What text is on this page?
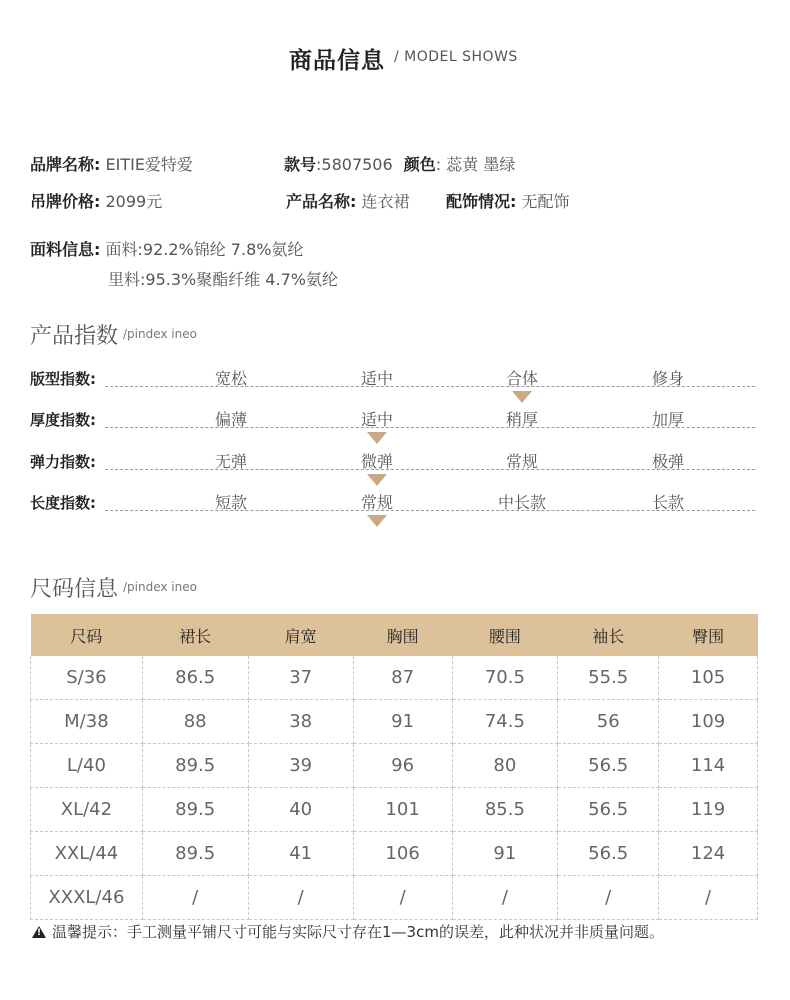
商品信息 / MODEL SHOWS
品牌名称: EITIE爱特爱	款号:5807506 颜色: 蕊黄 墨绿
吊牌价格: 2099元	产品名称: 连衣裙 配饰情况: 无配饰
面料信息: 面料:92.2%锦纶 7.8%氨纶
里料:95.3%聚酯纤维 4.7%氨纶
产品指数 /pindex ineo
版型指数:	宽松	适中	合体	修身
厚度指数:	偏薄	适中	稍厚	加厚
弹力指数:	无弹	微弹	常规	极弹
长度指数:	短款	常规	中长款	长款
尺码信息 /pindex ineo
尺码	裙长	肩宽	胸围	腰围	袖长	臀围
S/36	86.5	37	87	70.5	55.5	105
M/38	88	38	91	74.5	56	109
L/40	89.5	39	96	80	56.5	114
XL/42	89.5	40	101	85.5	56.5	119
XXL/44	89.5	41	106	91	56.5	124
XXXL/46	/	/	/	/	/	/
!温馨提示：手工测量平铺尺寸可能与实际尺寸存在1—3cm的误差，此种状况并非质量问题。
